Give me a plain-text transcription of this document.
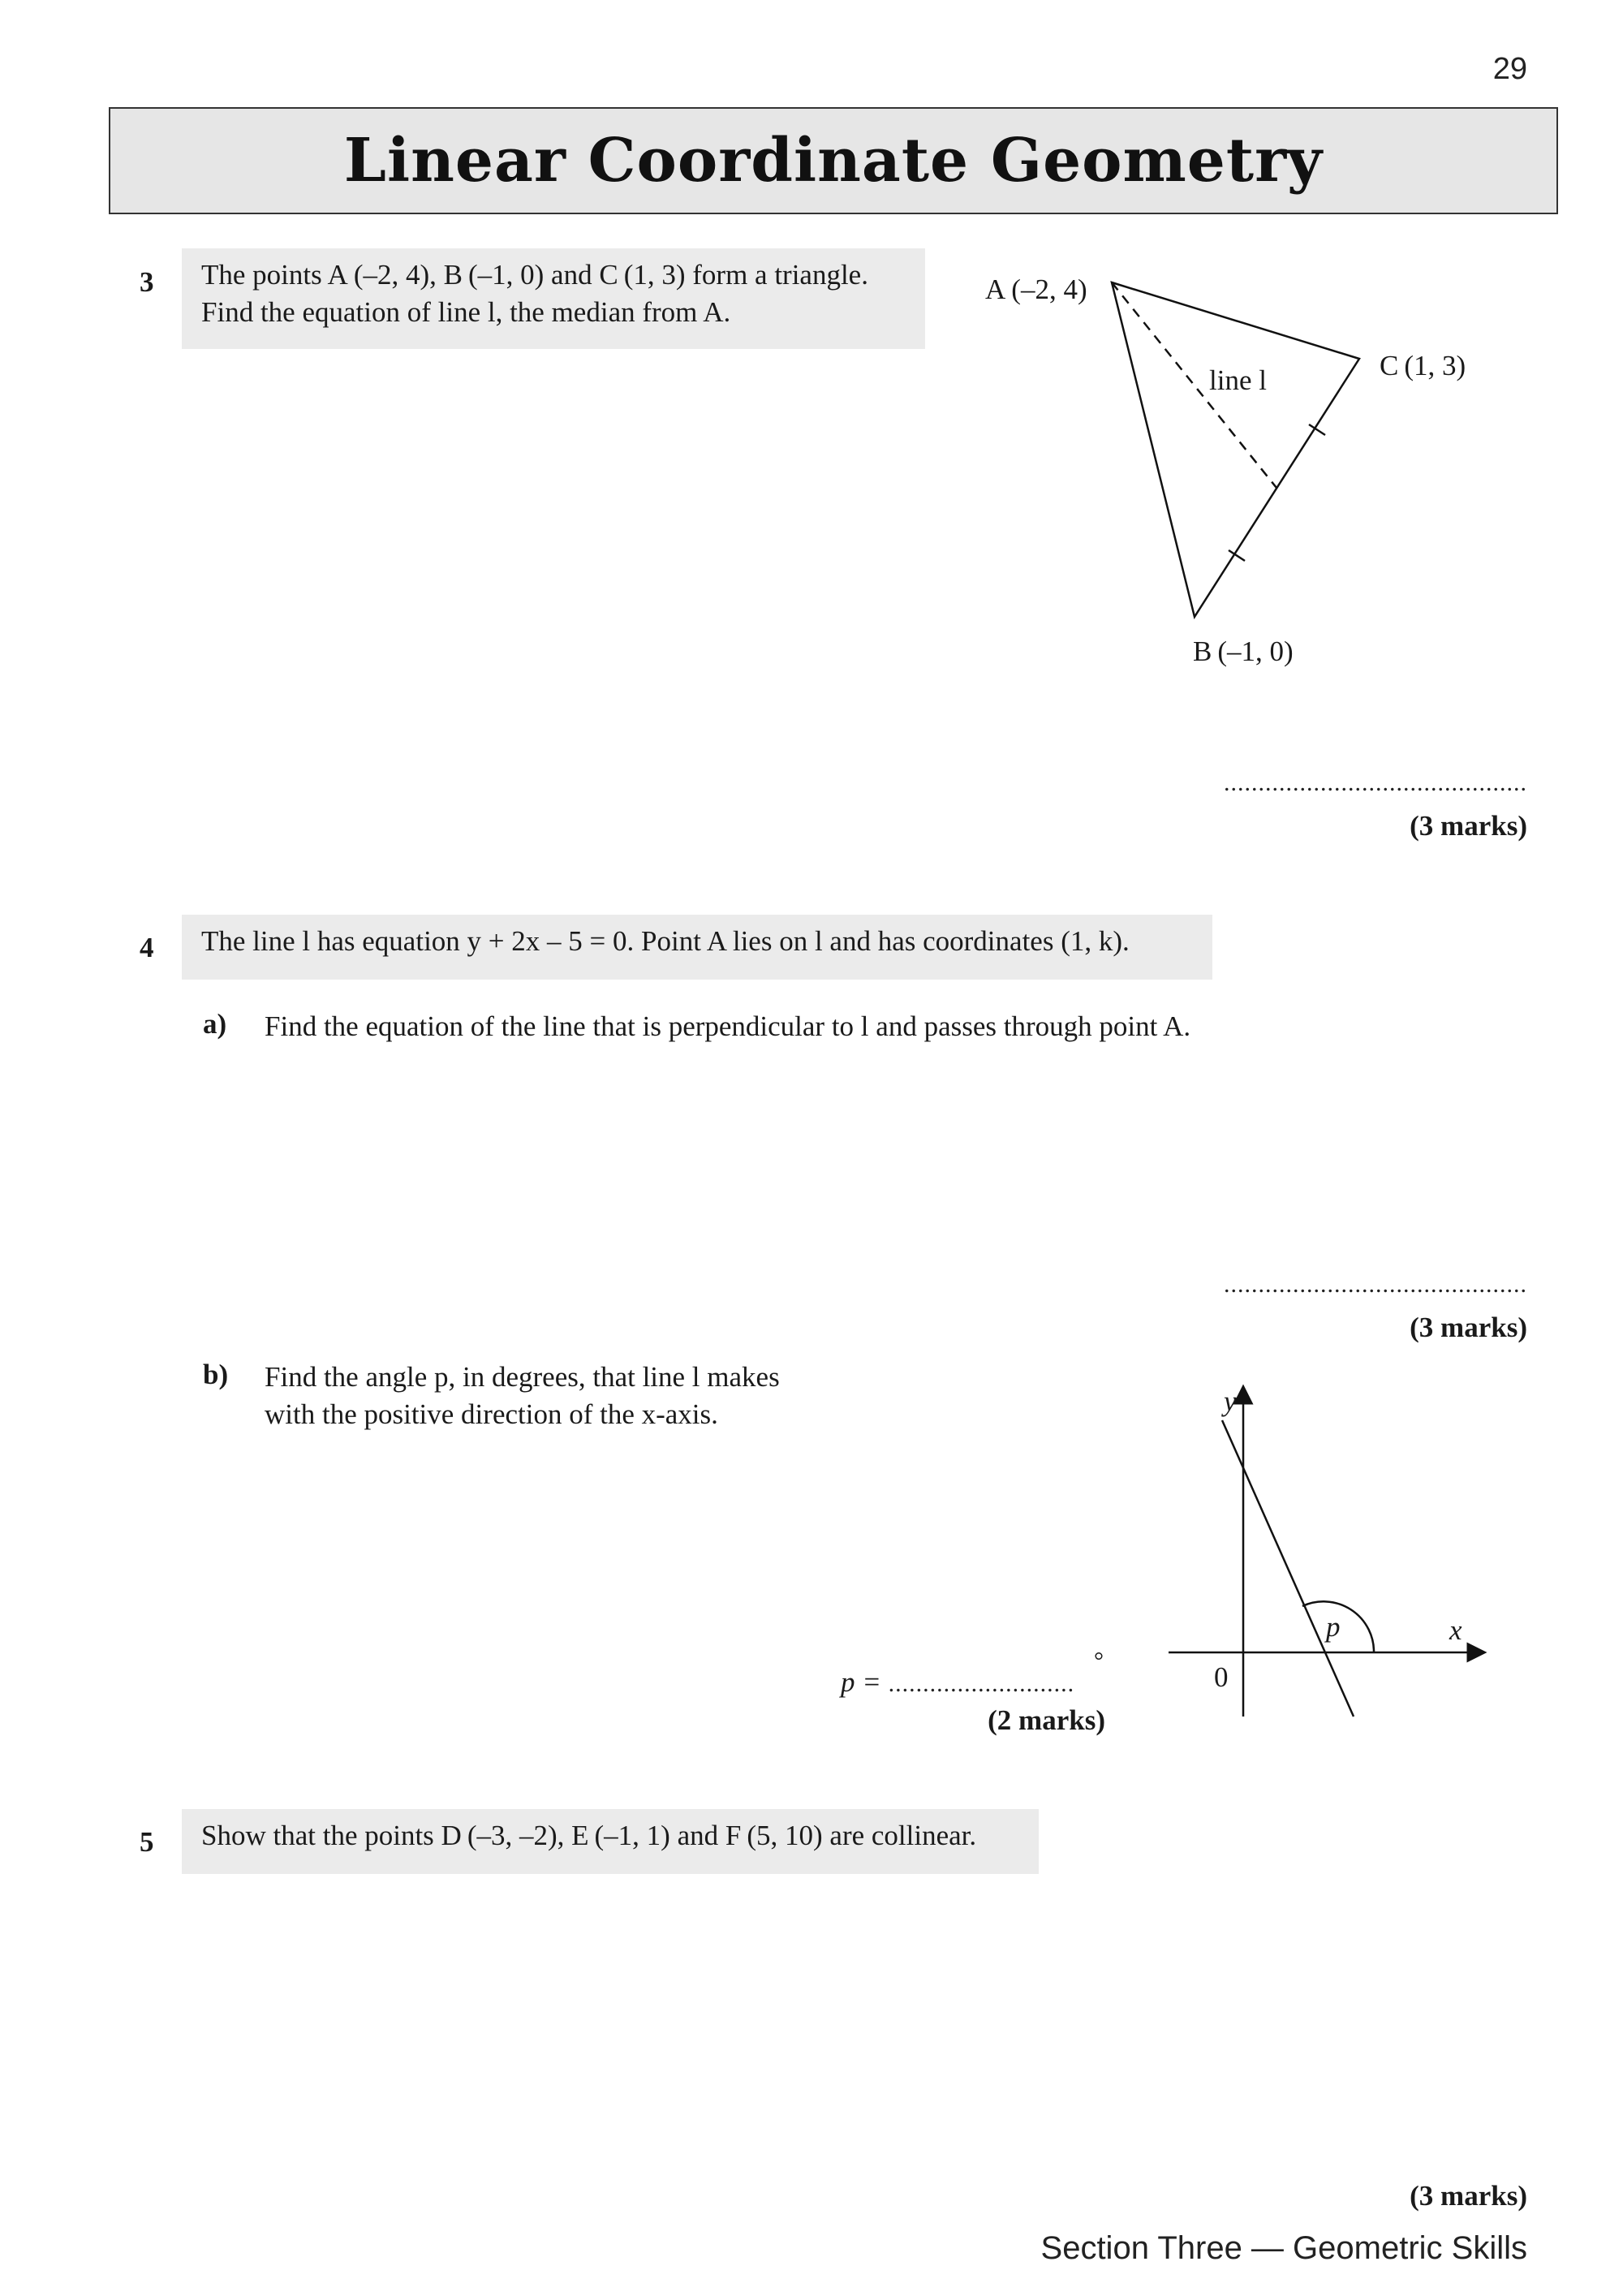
29
Linear Coordinate Geometry
3 The points A (–2, 4), B (–1, 0) and C (1, 3) form a triangle.
Find the equation of line l, the median from A.
A (–2, 4)
C (1, 3)
B (–1, 0)
line l
............................................
(3 marks)
4 The line l has equation y + 2x – 5 = 0. Point A lies on l and has coordinates (1, k).
a) Find the equation of the line that is perpendicular to l and passes through point A.
............................................
(3 marks)
b) Find the angle p, in degrees, that line l makes
with the positive direction of the x-axis.	y
x
0
p
p = ...........................
°
(2 marks)
5 Show that the points D (–3, –2), E (–1, 1) and F (5, 10) are collinear.
(3 marks)
Section Three — Geometric Skills
